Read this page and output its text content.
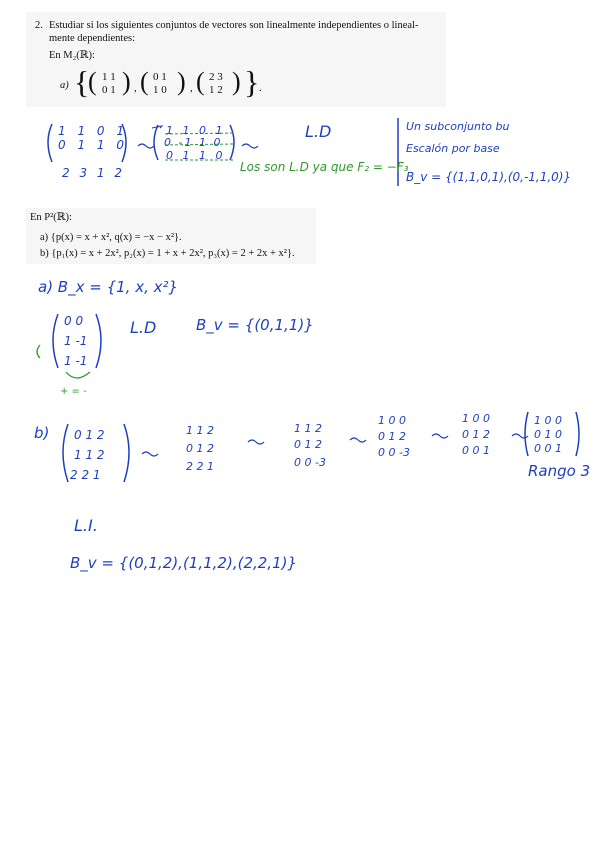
2. Estudiar si los siguientes conjuntos de vectores son linealmente independientes o lineal-
mente dependientes:
En M₂(ℝ):
a) {
( 1 1
0 1 ) , ( 0 1
1 0 ) , ( 2 3
1 2 ) } .
1 1 0 1
0 1 1 0
2 3 1 2
1 1 0 1
0 -1 1 0
0 1 1 0
L.D
Los son L.D ya que F₂ = −F₃
Un subconjunto bu
Escalón por base
B_v = {(1,1,0,1),(0,-1,1,0)}
En P²(ℝ):
a) {p(x) = x + x², q(x) = −x − x²}.
b) {p₁(x) = x + 2x², p₂(x) = 1 + x + 2x², p₃(x) = 2 + 2x + x²}.
a) B_x = {1, x, x²}
0 0
1 -1
1 -1
+ = -
L.D	B_v = {(0,1,1)}
b) 0 1 2
1 1 2
2 2 1
1 1 2
0 1 2
2 2 1
1 1 2
0 1 2
0 0 -3
1 0 0
0 1 2
0 0 -3
1 0 0
0 1 2
0 0 1
1 0 0
0 1 0
0 0 1
Rango 3
L.I.
B_v = {(0,1,2),(1,1,2),(2,2,1)}
